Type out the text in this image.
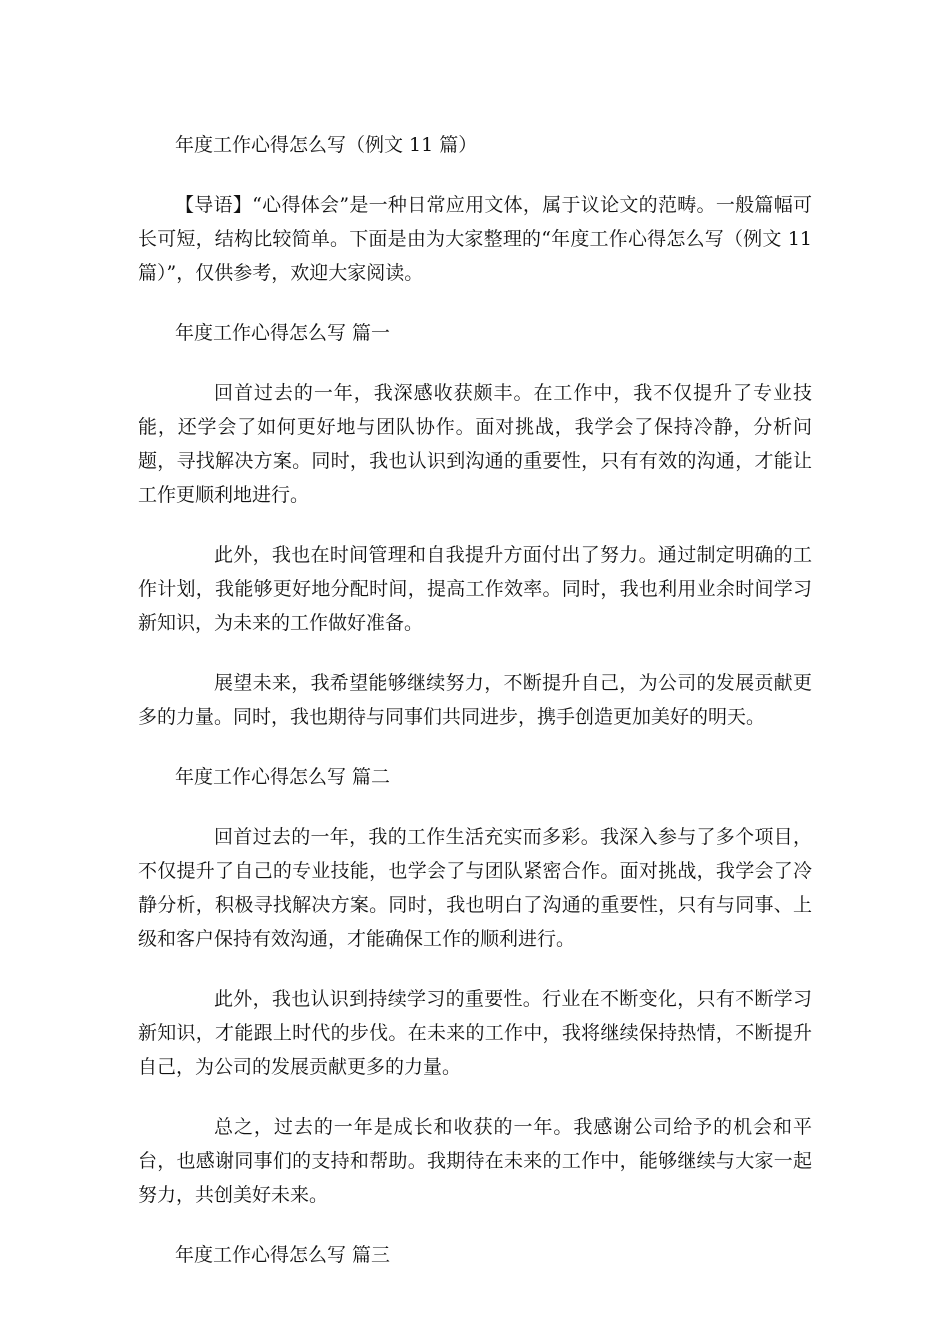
年度工作心得怎么写（例文 11 篇）
【导语】“心得体会”是一种日常应用文体，属于议论文的范畴。一般篇幅可长可短，结构比较简单。下面是由为大家整理的“年度工作心得怎么写（例文 11 篇）”，仅供参考，欢迎大家阅读。
年度工作心得怎么写 篇一
回首过去的一年，我深感收获颇丰。在工作中，我不仅提升了专业技能，还学会了如何更好地与团队协作。面对挑战，我学会了保持冷静，分析问题，寻找解决方案。同时，我也认识到沟通的重要性，只有有效的沟通，才能让工作更顺利地进行。
此外，我也在时间管理和自我提升方面付出了努力。通过制定明确的工作计划，我能够更好地分配时间，提高工作效率。同时，我也利用业余时间学习新知识，为未来的工作做好准备。
展望未来，我希望能够继续努力，不断提升自己，为公司的发展贡献更多的力量。同时，我也期待与同事们共同进步，携手创造更加美好的明天。
年度工作心得怎么写 篇二
回首过去的一年，我的工作生活充实而多彩。我深入参与了多个项目，不仅提升了自己的专业技能，也学会了与团队紧密合作。面对挑战，我学会了冷静分析，积极寻找解决方案。同时，我也明白了沟通的重要性，只有与同事、上级和客户保持有效沟通，才能确保工作的顺利进行。
此外，我也认识到持续学习的重要性。行业在不断变化，只有不断学习新知识，才能跟上时代的步伐。在未来的工作中，我将继续保持热情，不断提升自己，为公司的发展贡献更多的力量。
总之，过去的一年是成长和收获的一年。我感谢公司给予的机会和平台，也感谢同事们的支持和帮助。我期待在未来的工作中，能够继续与大家一起努力，共创美好未来。
年度工作心得怎么写 篇三
